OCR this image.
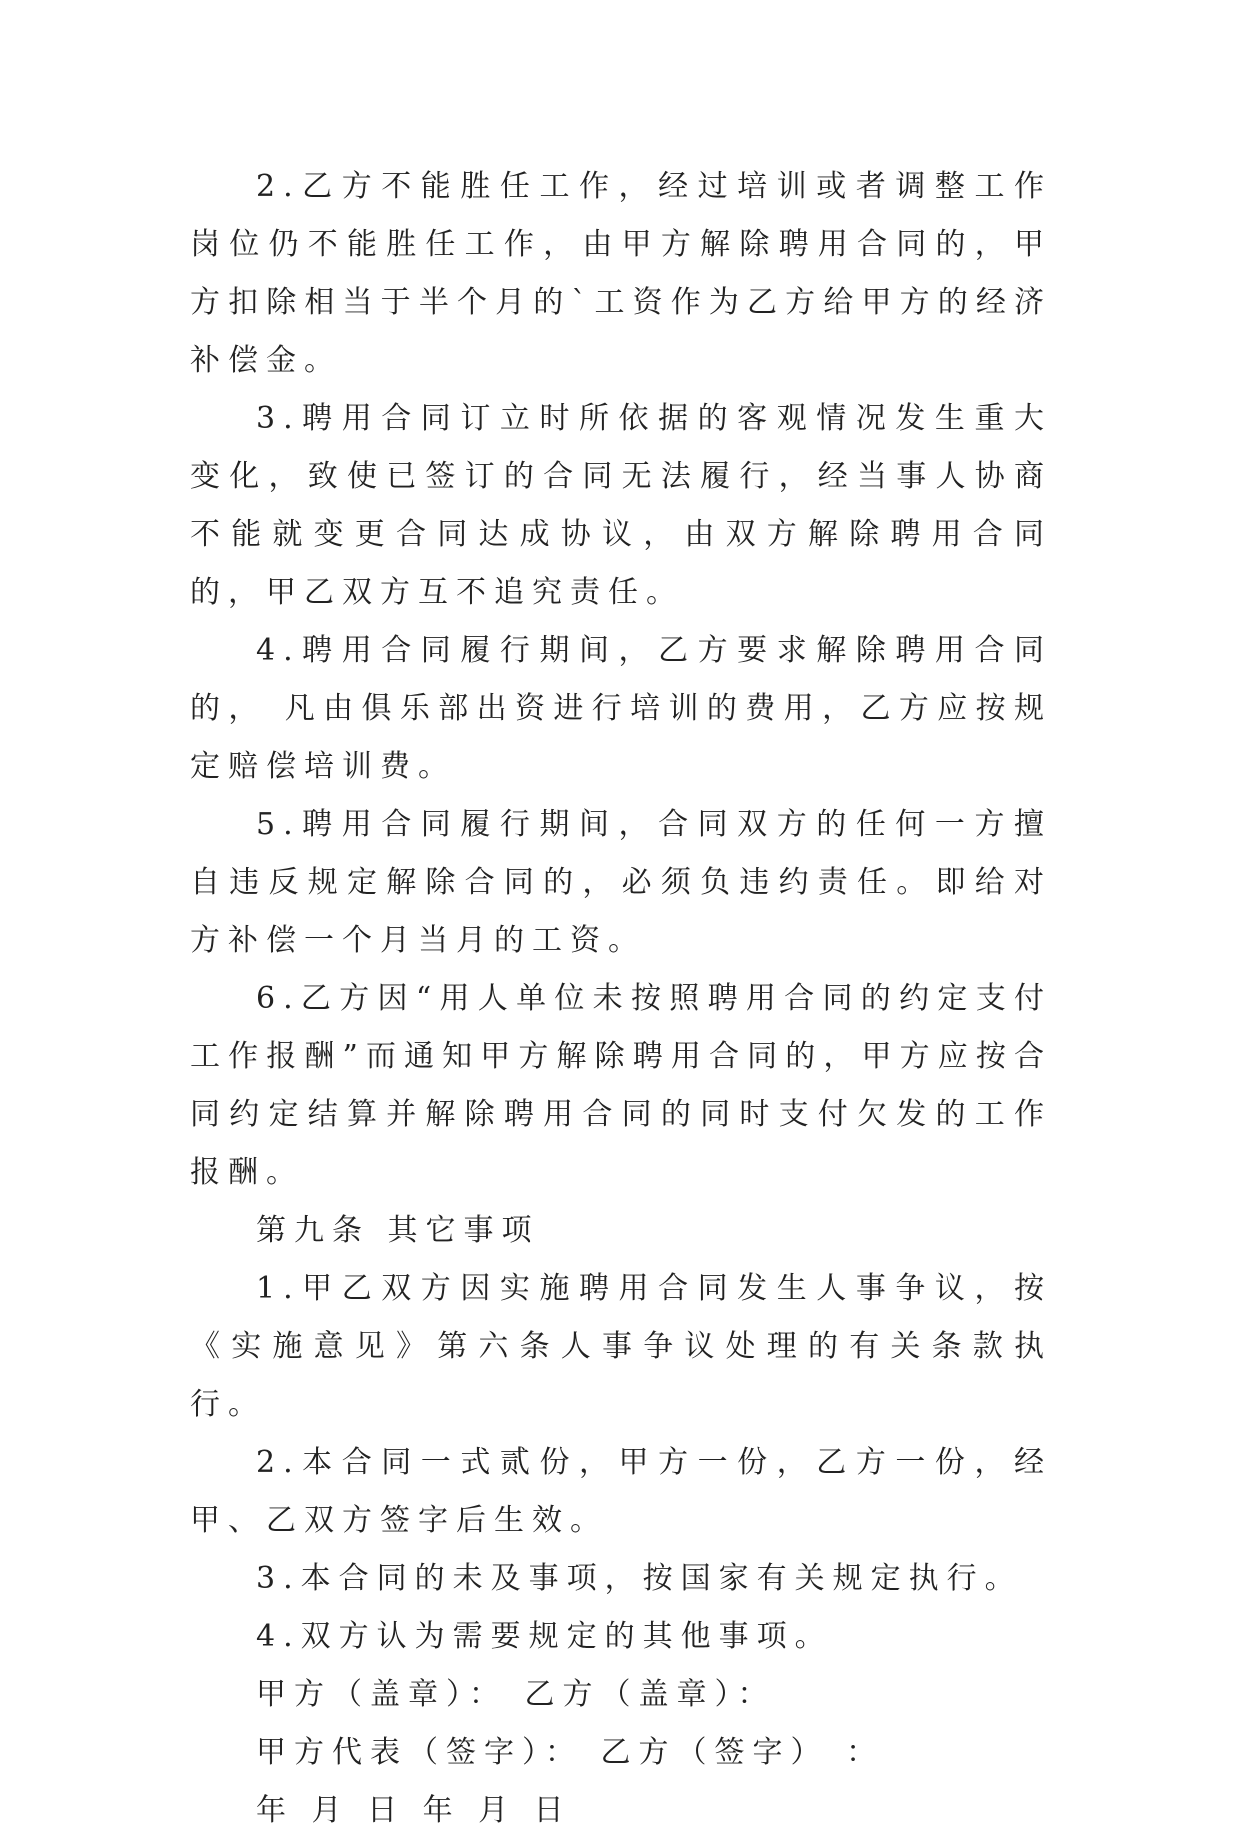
2.乙方不能胜任工作，经过培训或者调整工作岗位仍不能胜任工作，由甲方解除聘用合同的，甲方扣除相当于半个月的`工资作为乙方给甲方的经济补偿金。

3.聘用合同订立时所依据的客观情况发生重大变化，致使已签订的合同无法履行，经当事人协商不能就变更合同达成协议，由双方解除聘用合同的，甲乙双方互不追究责任。

4.聘用合同履行期间，乙方要求解除聘用合同的， 凡由俱乐部出资进行培训的费用，乙方应按规定赔偿培训费。

5.聘用合同履行期间，合同双方的任何一方擅自违反规定解除合同的，必须负违约责任。即给对方补偿一个月当月的工资。

6.乙方因“用人单位未按照聘用合同的约定支付工作报酬”而通知甲方解除聘用合同的，甲方应按合同约定结算并解除聘用合同的同时支付欠发的工作报酬。

第九条 其它事项

1.甲乙双方因实施聘用合同发生人事争议，按《实施意见》第六条人事争议处理的有关条款执行。

2.本合同一式贰份，甲方一份，乙方一份，经甲、乙双方签字后生效。

3.本合同的未及事项，按国家有关规定执行。

4.双方认为需要规定的其他事项。

甲方（盖章）： 乙方（盖章）：

甲方代表（签字）： 乙方（签字） ：

年 月 日 年 月 日
